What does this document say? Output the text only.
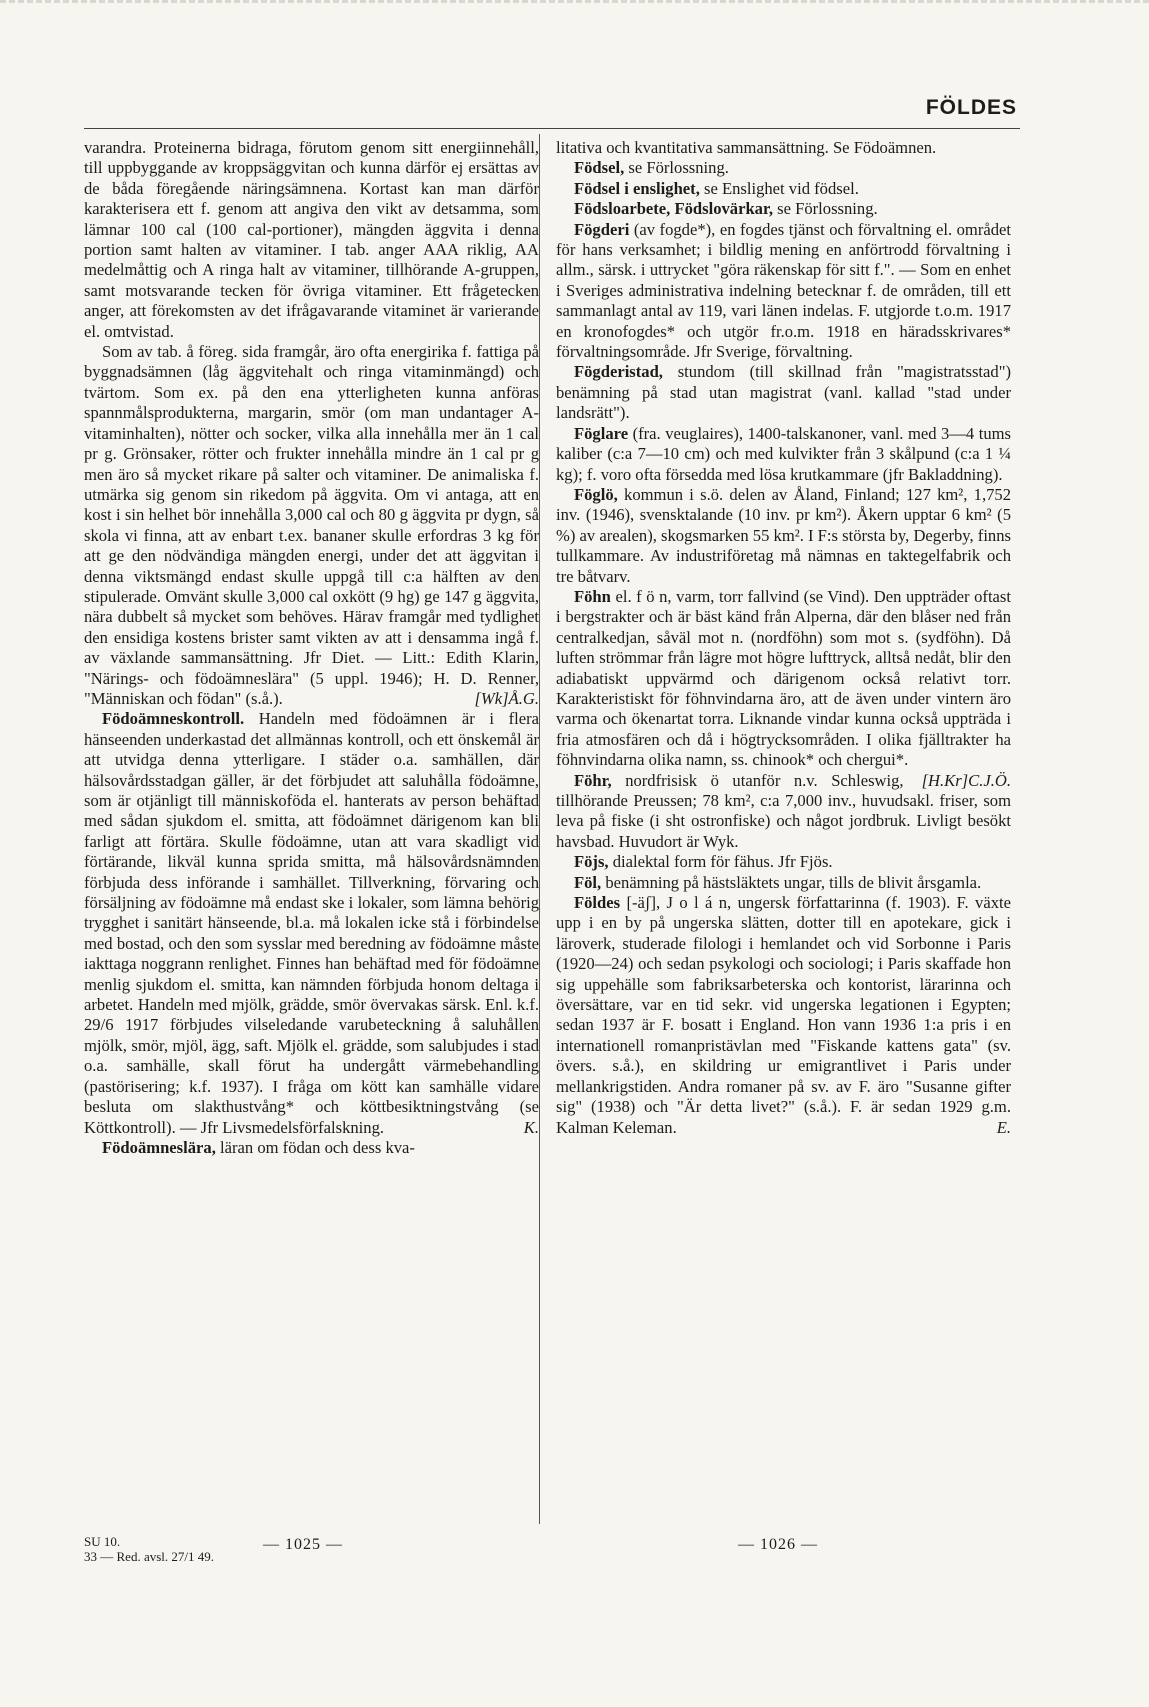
FÖLDES

varandra. Proteinerna bidraga, förutom genom sitt energiinnehåll, till uppbyggande av kroppsäggvitan och kunna därför ej ersättas av de båda föregående näringsämnena. Kortast kan man därför karakterisera ett f. genom att angiva den vikt av detsamma, som lämnar 100 cal (100 cal-portioner), mängden äggvita i denna portion samt halten av vitaminer. I tab. anger AAA riklig, AA medelmåttig och A ringa halt av vitaminer, tillhörande A-gruppen, samt motsvarande tecken för övriga vitaminer. Ett frågetecken anger, att förekomsten av det ifrågavarande vitaminet är varierande el. omtvistad.

Som av tab. å föreg. sida framgår, äro ofta energirika f. fattiga på byggnadsämnen (låg äggvitehalt och ringa vitaminmängd) och tvärtom. Som ex. på den ena ytterligheten kunna anföras spannmålsprodukterna, margarin, smör (om man undantager A-vitaminhalten), nötter och socker, vilka alla innehålla mer än 1 cal pr g. Grönsaker, rötter och frukter innehålla mindre än 1 cal pr g men äro så mycket rikare på salter och vitaminer. De animaliska f. utmärka sig genom sin rikedom på äggvita. Om vi antaga, att en kost i sin helhet bör innehålla 3,000 cal och 80 g äggvita pr dygn, så skola vi finna, att av enbart t.ex. bananer skulle erfordras 3 kg för att ge den nödvändiga mängden energi, under det att äggvitan i denna viktsmängd endast skulle uppgå till c:a hälften av den stipulerade. Omvänt skulle 3,000 cal oxkött (9 hg) ge 147 g äggvita, nära dubbelt så mycket som behöves. Härav framgår med tydlighet den ensidiga kostens brister samt vikten av att i densamma ingå f. av växlande sammansättning. Jfr Diet. — Litt.: Edith Klarin, "Närings- och födoämneslära" (5 uppl. 1946); H. D. Renner, "Människan och födan" (s.å.).	[Wk]Å.G.

Födoämneskontroll. Handeln med födoämnen är i flera hänseenden underkastad det allmännas kontroll, och ett önskemål är att utvidga denna ytterligare. I städer o.a. samhällen, där hälsovårdsstadgan gäller, är det förbjudet att saluhålla födoämne, som är otjänligt till människoföda el. hanterats av person behäftad med sådan sjukdom el. smitta, att födoämnet därigenom kan bli farligt att förtära. Skulle födoämne, utan att vara skadligt vid förtärande, likväl kunna sprida smitta, må hälsovårdsnämnden förbjuda dess införande i samhället. Tillverkning, förvaring och försäljning av födoämne må endast ske i lokaler, som lämna behörig trygghet i sanitärt hänseende, bl.a. må lokalen icke stå i förbindelse med bostad, och den som sysslar med beredning av födoämne måste iakttaga noggrann renlighet. Finnes han behäftad med för födoämne menlig sjukdom el. smitta, kan nämnden förbjuda honom deltaga i arbetet. Handeln med mjölk, grädde, smör övervakas särsk. Enl. k.f. 29/6 1917 förbjudes vilseledande varubeteckning å saluhållen mjölk, smör, mjöl, ägg, saft. Mjölk el. grädde, som salubjudes i stad o.a. samhälle, skall förut ha undergått värmebehandling (pastörisering; k.f. 1937). I fråga om kött kan samhälle vidare besluta om slakthustvång* och köttbesiktningstvång (se Köttkontroll). — Jfr Livsmedelsförfalskning.	K.

Födoämneslära, läran om födan och dess kva-

litativa och kvantitativa sammansättning. Se Födoämnen.

Födsel, se Förlossning.

Födsel i enslighet, se Enslighet vid födsel.

Födsloarbete, Födslovärkar, se Förlossning.

Fögderi (av fogde*), en fogdes tjänst och förvaltning el. området för hans verksamhet; i bildlig mening en anförtrodd förvaltning i allm., särsk. i uttrycket "göra räkenskap för sitt f.". — Som en enhet i Sveriges administrativa indelning betecknar f. de områden, till ett sammanlagt antal av 119, vari länen indelas. F. utgjorde t.o.m. 1917 en kronofogdes* och utgör fr.o.m. 1918 en häradsskrivares* förvaltningsområde. Jfr Sverige, förvaltning.

Fögderistad, stundom (till skillnad från "magistratsstad") benämning på stad utan magistrat (vanl. kallad "stad under landsrätt").

Föglare (fra. veuglaires), 1400-talskanoner, vanl. med 3—4 tums kaliber (c:a 7—10 cm) och med kulvikter från 3 skålpund (c:a 1 ¼ kg); f. voro ofta försedda med lösa krutkammare (jfr Bakladdning).

Föglö, kommun i s.ö. delen av Åland, Finland; 127 km², 1,752 inv. (1946), svensktalande (10 inv. pr km²). Åkern upptar 6 km² (5 %) av arealen), skogsmarken 55 km². I F:s största by, Degerby, finns tullkammare. Av industriföretag må nämnas en taktegelfabrik och tre båtvarv.

Föhn el. f ö n, varm, torr fallvind (se Vind). Den uppträder oftast i bergstrakter och är bäst känd från Alperna, där den blåser ned från centralkedjan, såväl mot n. (nordföhn) som mot s. (sydföhn). Då luften strömmar från lägre mot högre lufttryck, alltså nedåt, blir den adiabatiskt uppvärmd och därigenom också relativt torr. Karakteristiskt för föhnvindarna äro, att de även under vintern äro varma och ökenartat torra. Liknande vindar kunna också uppträda i fria atmosfären och då i högtrycksområden. I olika fjälltrakter ha föhnvindarna olika namn, ss. chinook* och chergui*.
[H.Kr]C.J.Ö.

Föhr, nordfrisisk ö utanför n.v. Schleswig, tillhörande Preussen; 78 km², c:a 7,000 inv., huvudsakl. friser, som leva på fiske (i sht ostronfiske) och något jordbruk. Livligt besökt havsbad. Huvudort är Wyk.

Föjs, dialektal form för fähus. Jfr Fjös.

Föl, benämning på hästsläktets ungar, tills de blivit årsgamla.

Földes [-äʃ], J o l á n, ungersk författarinna (f. 1903). F. växte upp i en by på ungerska slätten, dotter till en apotekare, gick i läroverk, studerade filologi i hemlandet och vid Sorbonne i Paris (1920—24) och sedan psykologi och sociologi; i Paris skaffade hon sig uppehälle som fabriksarbeterska och kontorist, lärarinna och översättare, var en tid sekr. vid ungerska legationen i Egypten; sedan 1937 är F. bosatt i England. Hon vann 1936 1:a pris i en internationell romanpristävlan med "Fiskande kattens gata" (sv. övers. s.å.), en skildring ur emigrantlivet i Paris under mellankrigstiden. Andra romaner på sv. av F. äro "Susanne gifter sig" (1938) och "Är detta livet?" (s.å.). F. är sedan 1929 g.m. Kalman Keleman.	E.

SU 10.
33 — Red. avsl. 27/1 49.
— 1025 —	— 1026 —
